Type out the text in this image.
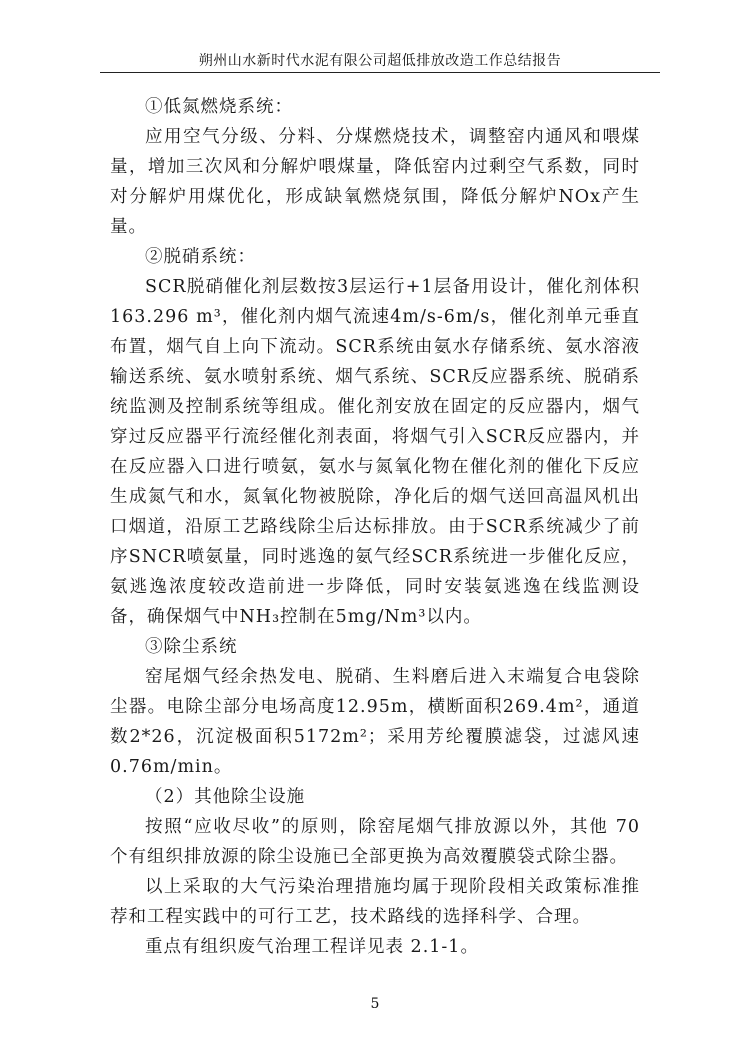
朔州山水新时代水泥有限公司超低排放改造工作总结报告

①低氮燃烧系统：

应用空气分级、分料、分煤燃烧技术，调整窑内通风和喂煤量，增加三次风和分解炉喂煤量，降低窑内过剩空气系数，同时对分解炉用煤优化，形成缺氧燃烧氛围，降低分解炉NOx产生量。

②脱硝系统：

SCR脱硝催化剂层数按3层运行+1层备用设计，催化剂体积163.296 m³，催化剂内烟气流速4m/s-6m/s，催化剂单元垂直布置，烟气自上向下流动。SCR系统由氨水存储系统、氨水溶液输送系统、氨水喷射系统、烟气系统、SCR反应器系统、脱硝系统监测及控制系统等组成。催化剂安放在固定的反应器内，烟气穿过反应器平行流经催化剂表面，将烟气引入SCR反应器内，并在反应器入口进行喷氨，氨水与氮氧化物在催化剂的催化下反应生成氮气和水，氮氧化物被脱除，净化后的烟气送回高温风机出口烟道，沿原工艺路线除尘后达标排放。由于SCR系统减少了前序SNCR喷氨量，同时逃逸的氨气经SCR系统进一步催化反应，氨逃逸浓度较改造前进一步降低，同时安装氨逃逸在线监测设备，确保烟气中NH₃控制在5mg/Nm³以内。

③除尘系统

窑尾烟气经余热发电、脱硝、生料磨后进入末端复合电袋除尘器。电除尘部分电场高度12.95m，横断面积269.4m²，通道数2*26，沉淀极面积5172m²；采用芳纶覆膜滤袋，过滤风速0.76m/min。

（2）其他除尘设施

按照“应收尽收”的原则，除窑尾烟气排放源以外，其他 70 个有组织排放源的除尘设施已全部更换为高效覆膜袋式除尘器。

以上采取的大气污染治理措施均属于现阶段相关政策标准推荐和工程实践中的可行工艺，技术路线的选择科学、合理。

重点有组织废气治理工程详见表 2.1-1。

5
